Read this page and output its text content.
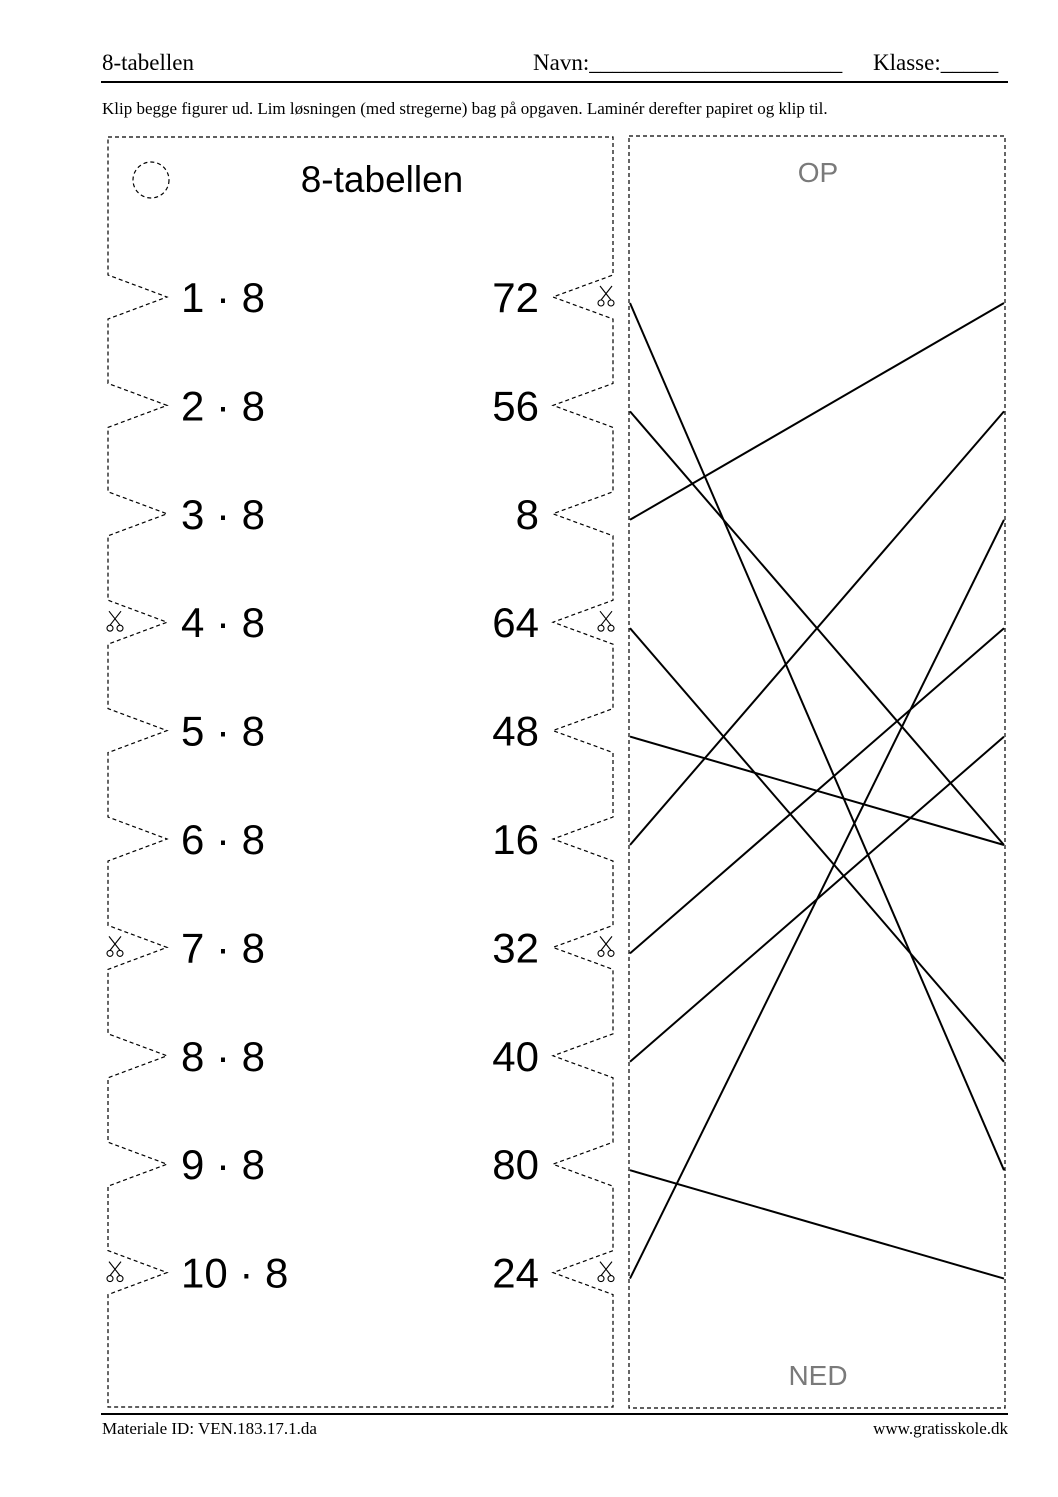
8-tabellen	Navn:______________________ Klasse:_____
Klip begge figurer ud. Lim løsningen (med stregerne) bag på opgaven. Laminér derefter papiret og klip til.
8-tabellen
1 · 8
2 · 8
3 · 8
4 · 8
5 · 8
6 · 8
7 · 8
8 · 8
9 · 8
10 · 8
72
56
8
64
48
16
32
40
80
24
OP
NED
Materiale ID: VEN.183.17.1.da	www.gratisskole.dk
